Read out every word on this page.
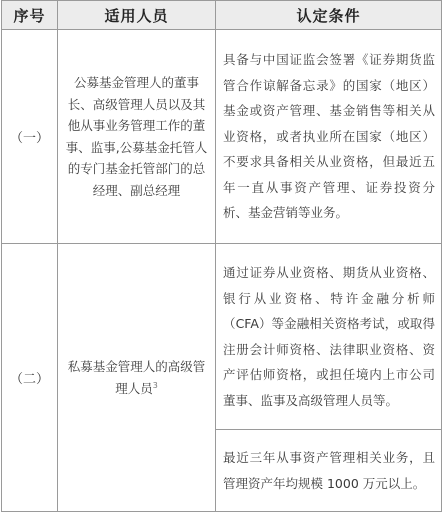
序号	适用人员	认定条件
（一）	公募基金管理人的董事长、高级管理人员以及其他从事业务管理工作的董事、监事,公募基金托管人的专门基金托管部门的总经理、副总经理	具备与中国证监会签署《证券期货监管合作谅解备忘录》的国家（地区）基金或资产管理、基金销售等相关从业资格，或者执业所在国家（地区）不要求具备相关从业资格，但最近五年一直从事资产管理、证券投资分析、基金营销等业务。
（二）	私募基金管理人的高级管理人员$^3$	通过证券从业资格、期货从业资格、银行从业资格、特许金融分析师（CFA）等金融相关资格考试，或取得注册会计师资格、法律职业资格、资产评估师资格，或担任境内上市公司董事、监事及高级管理人员等。
		最近三年从事资产管理相关业务，且管理资产年均规模 1000 万元以上。
